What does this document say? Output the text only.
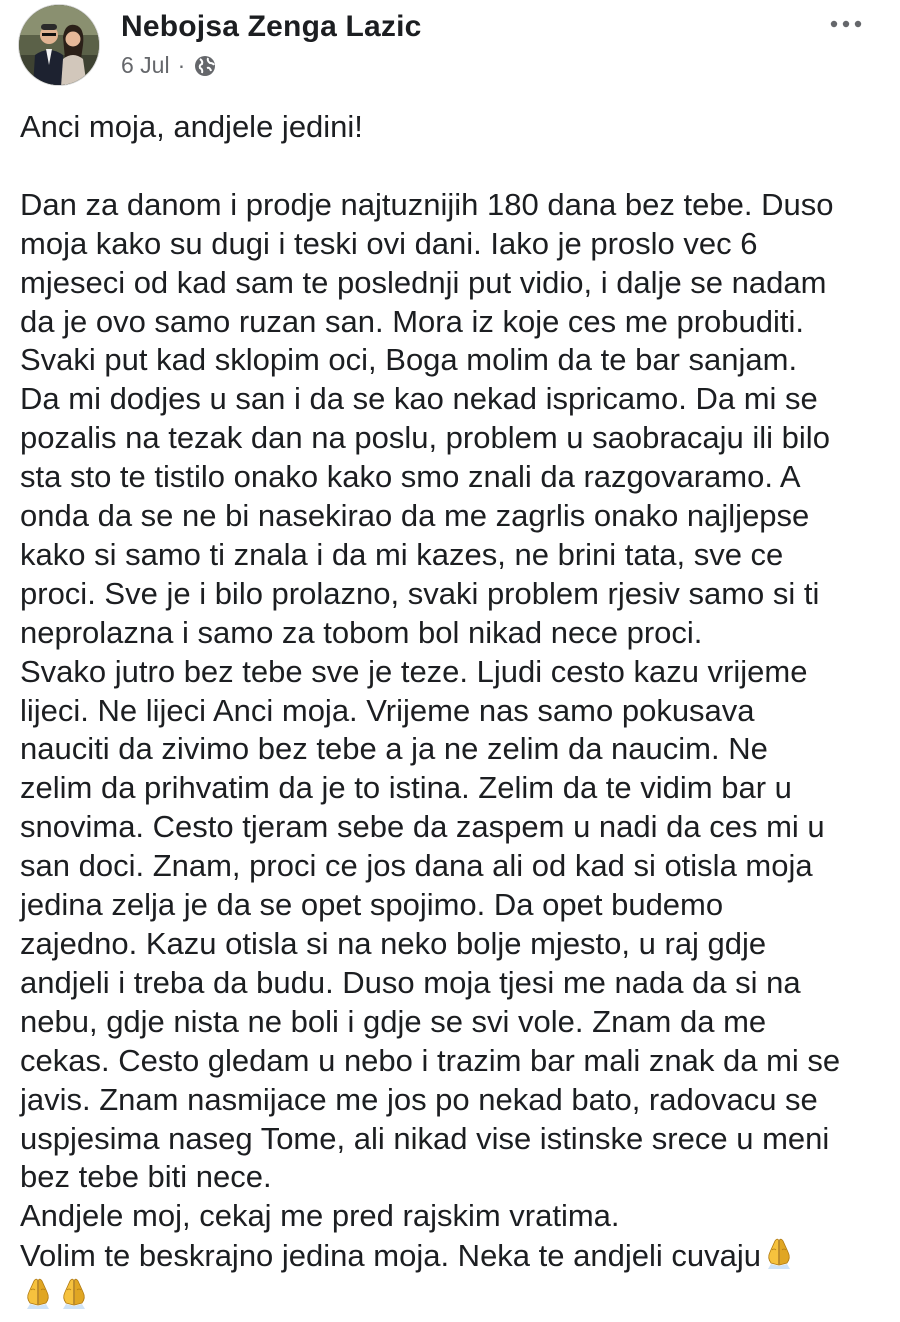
Nebojsa Zenga Lazic
6 Jul ·
Anci moja, andjele jedini!
Dan za danom i prodje najtuznijih 180 dana bez tebe. Duso
moja kako su dugi i teski ovi dani. Iako je proslo vec 6
mjeseci od kad sam te poslednji put vidio, i dalje se nadam
da je ovo samo ruzan san. Mora iz koje ces me probuditi.
Svaki put kad sklopim oci, Boga molim da te bar sanjam.
Da mi dodjes u san i da se kao nekad ispricamo. Da mi se
pozalis na tezak dan na poslu, problem u saobracaju ili bilo
sta sto te tistilo onako kako smo znali da razgovaramo. A
onda da se ne bi nasekirao da me zagrlis onako najljepse
kako si samo ti znala i da mi kazes, ne brini tata, sve ce
proci. Sve je i bilo prolazno, svaki problem rjesiv samo si ti
neprolazna i samo za tobom bol nikad nece proci.
Svako jutro bez tebe sve je teze. Ljudi cesto kazu vrijeme
lijeci. Ne lijeci Anci moja. Vrijeme nas samo pokusava
nauciti da zivimo bez tebe a ja ne zelim da naucim. Ne
zelim da prihvatim da je to istina. Zelim da te vidim bar u
snovima. Cesto tjeram sebe da zaspem u nadi da ces mi u
san doci. Znam, proci ce jos dana ali od kad si otisla moja
jedina zelja je da se opet spojimo. Da opet budemo
zajedno. Kazu otisla si na neko bolje mjesto, u raj gdje
andjeli i treba da budu. Duso moja tjesi me nada da si na
nebu, gdje nista ne boli i gdje se svi vole. Znam da me
cekas. Cesto gledam u nebo i trazim bar mali znak da mi se
javis. Znam nasmijace me jos po nekad bato, radovacu se
uspjesima naseg Tome, ali nikad vise istinske srece u meni
bez tebe biti nece.
Andjele moj, cekaj me pred rajskim vratima.
Volim te beskrajno jedina moja. Neka te andjeli cuvaju
